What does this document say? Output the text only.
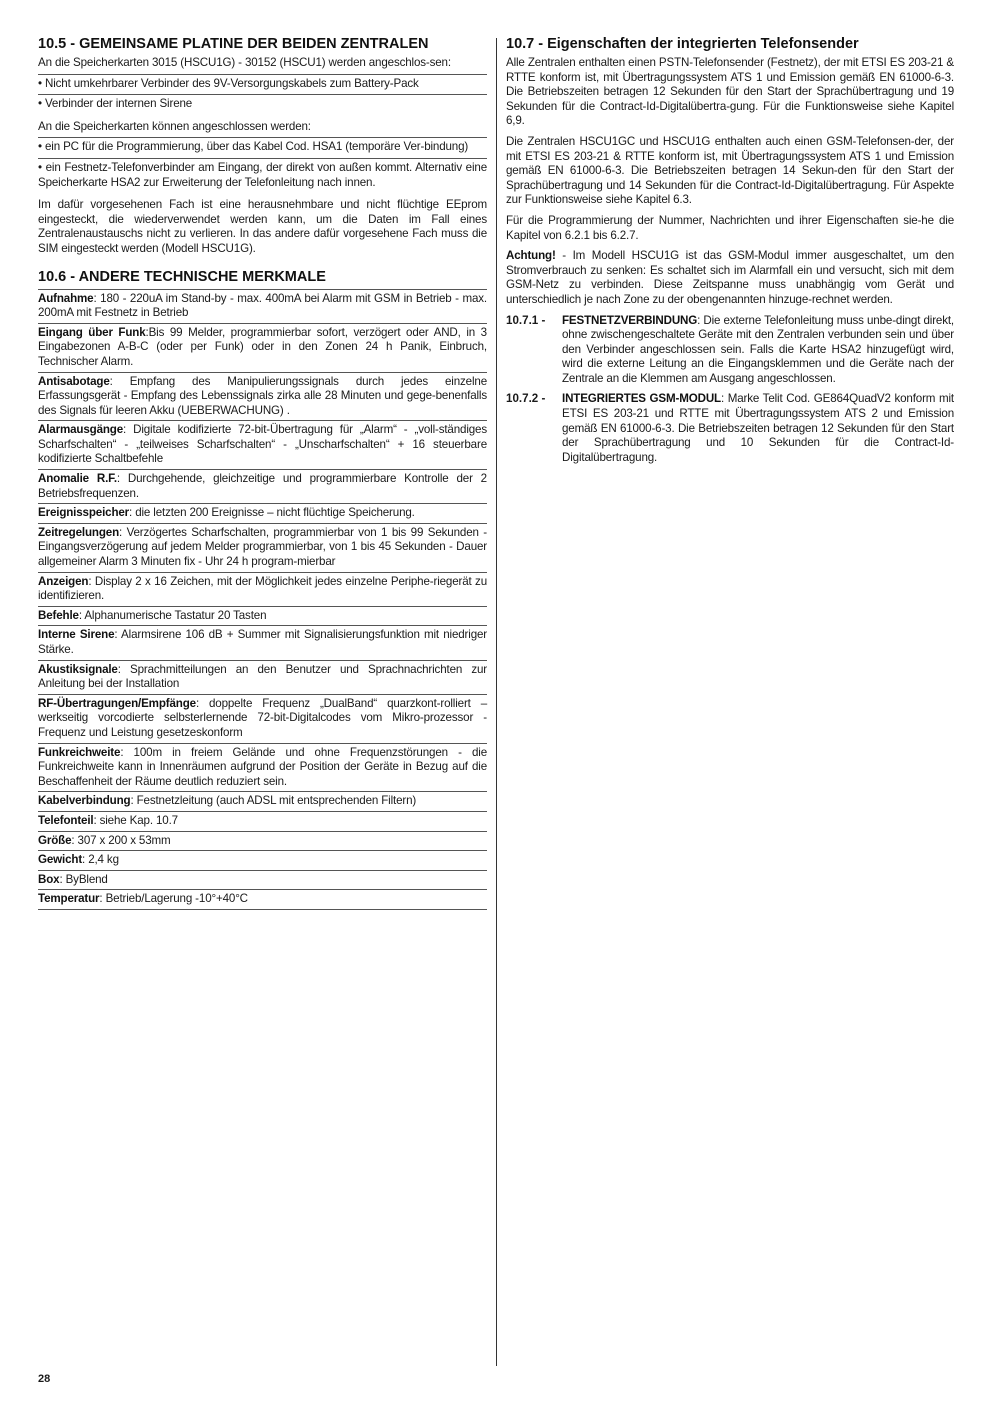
10.5 - GEMEINSAME PLATINE DER BEIDEN ZENTRALEN

An die Speicherkarten 3015 (HSCU1G) - 30152 (HSCU1) werden angeschlos-sen:

• Nicht umkehrbarer Verbinder des 9V-Versorgungskabels zum Battery-Pack

• Verbinder der internen Sirene

An die Speicherkarten können angeschlossen werden:

• ein PC für die Programmierung, über das Kabel Cod. HSA1 (temporäre Ver-bindung)

• ein Festnetz-Telefonverbinder am Eingang, der direkt von außen kommt. Alternativ eine Speicherkarte HSA2 zur Erweiterung der Telefonleitung nach innen.

Im dafür vorgesehenen Fach ist eine herausnehmbare und nicht flüchtige EEprom eingesteckt, die wiederverwendet werden kann, um die Daten im Fall eines Zentralenaustauschs nicht zu verlieren. In das andere dafür vorgesehene Fach muss die SIM eingesteckt werden (Modell HSCU1G).

10.6 - ANDERE TECHNISCHE MERKMALE

Aufnahme: 180 - 220uA im Stand-by - max. 400mA bei Alarm mit GSM in Betrieb - max. 200mA mit Festnetz in Betrieb

Eingang über Funk:Bis 99 Melder, programmierbar sofort, verzögert oder AND, in 3 Eingabezonen A-B-C (oder per Funk) oder in den Zonen 24 h Panik, Einbruch, Technischer Alarm.

Antisabotage: Empfang des Manipulierungssignals durch jedes einzelne Erfassungsgerät - Empfang des Lebenssignals zirka alle 28 Minuten und gege-benenfalls des Signals für leeren Akku (UEBERWACHUNG) .

Alarmausgänge: Digitale kodifizierte 72-bit-Übertragung für „Alarm“ - „voll-ständiges Scharfschalten“ - „teilweises Scharfschalten“ - „Unscharfschalten“ + 16 steuerbare kodifizierte Schaltbefehle

Anomalie R.F.: Durchgehende, gleichzeitige und programmierbare Kontrolle der 2 Betriebsfrequenzen.

Ereignisspeicher: die letzten 200 Ereignisse – nicht flüchtige Speicherung.

Zeitregelungen: Verzögertes Scharfschalten, programmierbar von 1 bis 99 Sekunden - Eingangsverzögerung auf jedem Melder programmierbar, von 1 bis 45 Sekunden - Dauer allgemeiner Alarm 3 Minuten fix - Uhr 24 h program-mierbar

Anzeigen: Display 2 x 16 Zeichen, mit der Möglichkeit jedes einzelne Periphe-riegerät zu identifizieren.

Befehle: Alphanumerische Tastatur 20 Tasten

Interne Sirene: Alarmsirene 106 dB + Summer mit Signalisierungsfunktion mit niedriger Stärke.

Akustiksignale: Sprachmitteilungen an den Benutzer und Sprachnachrichten zur Anleitung bei der Installation

RF-Übertragungen/Empfänge: doppelte Frequenz „DualBand“ quarzkont-rolliert – werkseitig vorcodierte selbsterlernende 72-bit-Digitalcodes vom Mikro-prozessor - Frequenz und Leistung gesetzeskonform

Funkreichweite: 100m in freiem Gelände und ohne Frequenzstörungen - die Funkreichweite kann in Innenräumen aufgrund der Position der Geräte in Bezug auf die Beschaffenheit der Räume deutlich reduziert sein.

Kabelverbindung: Festnetzleitung (auch ADSL mit entsprechenden Filtern)

Telefonteil: siehe Kap. 10.7

Größe: 307 x 200 x 53mm

Gewicht: 2,4 kg

Box: ByBlend

Temperatur: Betrieb/Lagerung -10°+40°C

10.7 - Eigenschaften der integrierten Telefonsender

Alle Zentralen enthalten einen PSTN-Telefonsender (Festnetz), der mit ETSI ES 203-21 & RTTE konform ist, mit Übertragungssystem ATS 1 und Emission gemäß EN 61000-6-3. Die Betriebszeiten betragen 12 Sekunden für den Start der Sprachübertragung und 19 Sekunden für die Contract-Id-Digitalübertra-gung. Für die Funktionsweise siehe Kapitel 6,9.

Die Zentralen HSCU1GC und HSCU1G enthalten auch einen GSM-Telefonsen-der, der mit ETSI ES 203-21 & RTTE konform ist, mit Übertragungssystem ATS 1 und Emission gemäß EN 61000-6-3. Die Betriebszeiten betragen 14 Sekun-den für den Start der Sprachübertragung und 14 Sekunden für die Contract-Id-Digitalübertragung. Für Aspekte zur Funktionsweise siehe Kapitel 6.3.

Für die Programmierung der Nummer, Nachrichten und ihrer Eigenschaften sie-he die Kapitel von 6.2.1 bis 6.2.7.

Achtung! - Im Modell HSCU1G ist das GSM-Modul immer ausgeschaltet, um den Stromverbrauch zu senken: Es schaltet sich im Alarmfall ein und versucht, sich mit dem GSM-Netz zu verbinden. Diese Zeitspanne muss unabhängig vom Gerät und unterschiedlich je nach Zone zu der obengenannten hinzuge-rechnet werden.

10.7.1 -	FESTNETZVERBINDUNG: Die externe Telefonleitung muss unbe-dingt direkt, ohne zwischengeschaltete Geräte mit den Zentralen verbunden sein und über den Verbinder angeschlossen sein. Falls die Karte HSA2 hinzugefügt wird, wird die externe Leitung an die Eingangsklemmen und die Geräte nach der Zentrale an die Klemmen am Ausgang angeschlossen.

10.7.2 -	INTEGRIERTES GSM-MODUL: Marke Telit Cod. GE864QuadV2 konform mit ETSI ES 203-21 und RTTE mit Übertragungssystem ATS 2 und Emission gemäß EN 61000-6-3. Die Betriebszeiten betragen 12 Sekunden für den Start der Sprachübertragung und 10 Sekunden für die Contract-Id-Digitalübertragung.

28
